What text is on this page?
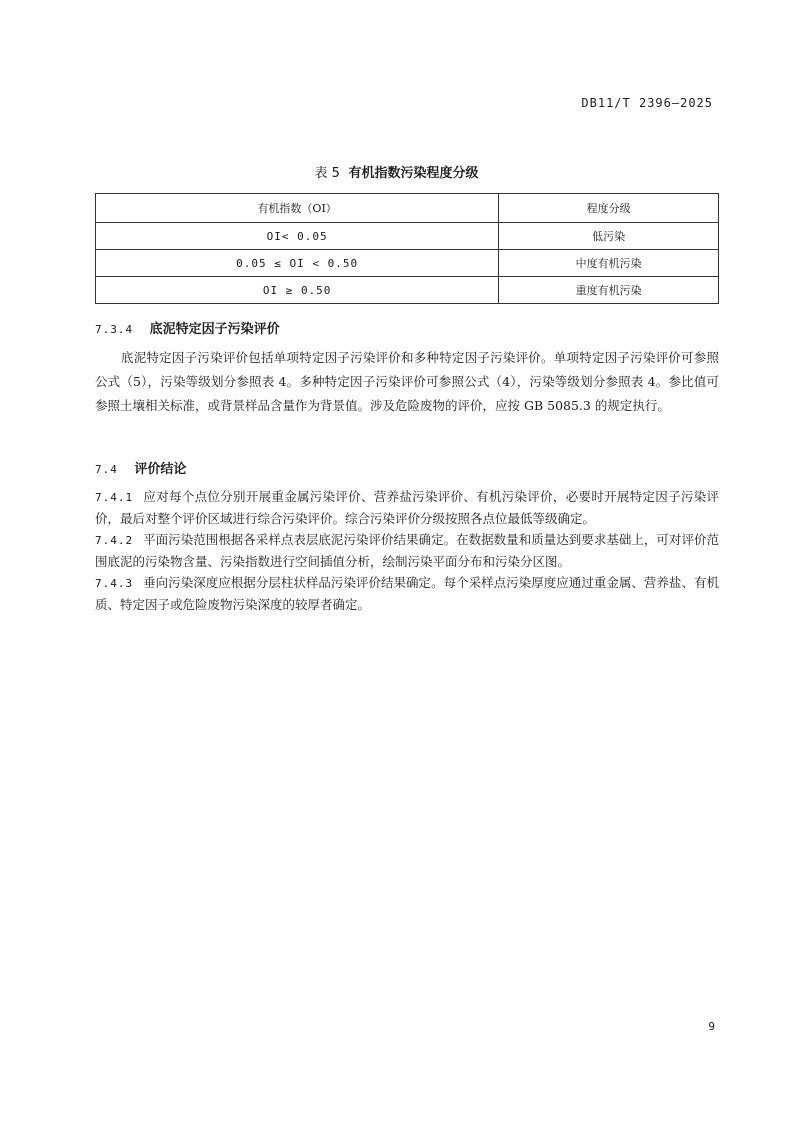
DB11/T 2396—2025
表 5 有机指数污染程度分级
有机指数（OI）	程度分级
OI< 0.05	低污染
0.05 ≤ OI < 0.50	中度有机污染
OI ≥ 0.50	重度有机污染
7.3.4 底泥特定因子污染评价

底泥特定因子污染评价包括单项特定因子污染评价和多种特定因子污染评价。单项特定因子污染评价可参照公式（5），污染等级划分参照表 4。多种特定因子污染评价可参照公式（4），污染等级划分参照表 4。参比值可参照土壤相关标准，或背景样品含量作为背景值。涉及危险废物的评价，应按 GB 5085.3 的规定执行。

7.4 评价结论

7.4.1 应对每个点位分别开展重金属污染评价、营养盐污染评价、有机污染评价，必要时开展特定因子污染评价，最后对整个评价区域进行综合污染评价。综合污染评价分级按照各点位最低等级确定。

7.4.2 平面污染范围根据各采样点表层底泥污染评价结果确定。在数据数量和质量达到要求基础上，可对评价范围底泥的污染物含量、污染指数进行空间插值分析，绘制污染平面分布和污染分区图。

7.4.3 垂向污染深度应根据分层柱状样品污染评价结果确定。每个采样点污染厚度应通过重金属、营养盐、有机质、特定因子或危险废物污染深度的较厚者确定。

9
